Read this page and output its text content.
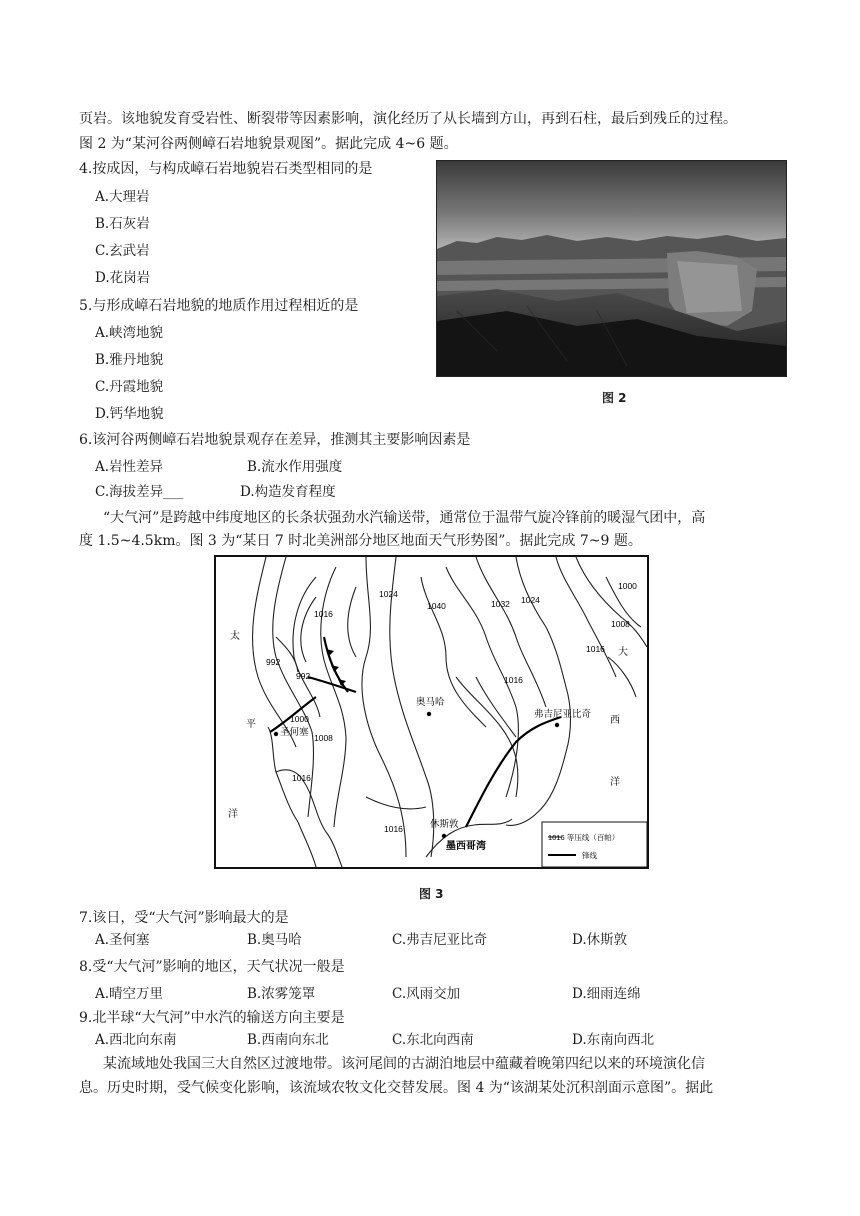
页岩。该地貌发育受岩性、断裂带等因素影响，演化经历了从长墙到方山，再到石柱，最后到残丘的过程。
图 2 为“某河谷两侧嶂石岩地貌景观图”。据此完成 4~6 题。
4.按成因，与构成嶂石岩地貌岩石类型相同的是
A.大理岩
B.石灰岩
C.玄武岩
D.花岗岩
5.与形成嶂石岩地貌的地质作用过程相近的是
A.峡湾地貌
B.雅丹地貌
C.丹霞地貌
D.钙华地貌
图 2
6.该河谷两侧嶂石岩地貌景观存在差异，推测其主要影响因素是
A.岩性差异	B.流水作用强度
C.海拔差异___	D.构造发育程度
“大气河”是跨越中纬度地区的长条状强劲水汽输送带，通常位于温带气旋冷锋前的暖湿气团中，高
度 1.5~4.5km。图 3 为“某日 7 时北美洲部分地区地面天气形势图”。据此完成 7~9 题。
1016
1024
1040	1032 1024
1000
1008
1016
992
992	1016
1000
1008
1016
1016
奥马哈
弗吉尼亚比奇
圣何塞
休斯敦
墨西哥湾
太
平
洋
大
西
洋
1016 等压线（百帕）
锋线
图 3
7.该日，受“大气河”影响最大的是
A.圣何塞	B.奥马哈	C.弗吉尼亚比奇	D.休斯敦
8.受“大气河”影响的地区，天气状况一般是
A.晴空万里	B.浓雾笼罩	C.风雨交加	D.细雨连绵
9.北半球“大气河”中水汽的输送方向主要是
A.西北向东南	B.西南向东北	C.东北向西南	D.东南向西北
某流域地处我国三大自然区过渡地带。该河尾闾的古湖泊地层中蕴藏着晚第四纪以来的环境演化信
息。历史时期，受气候变化影响，该流域农牧文化交替发展。图 4 为“该湖某处沉积剖面示意图”。据此
